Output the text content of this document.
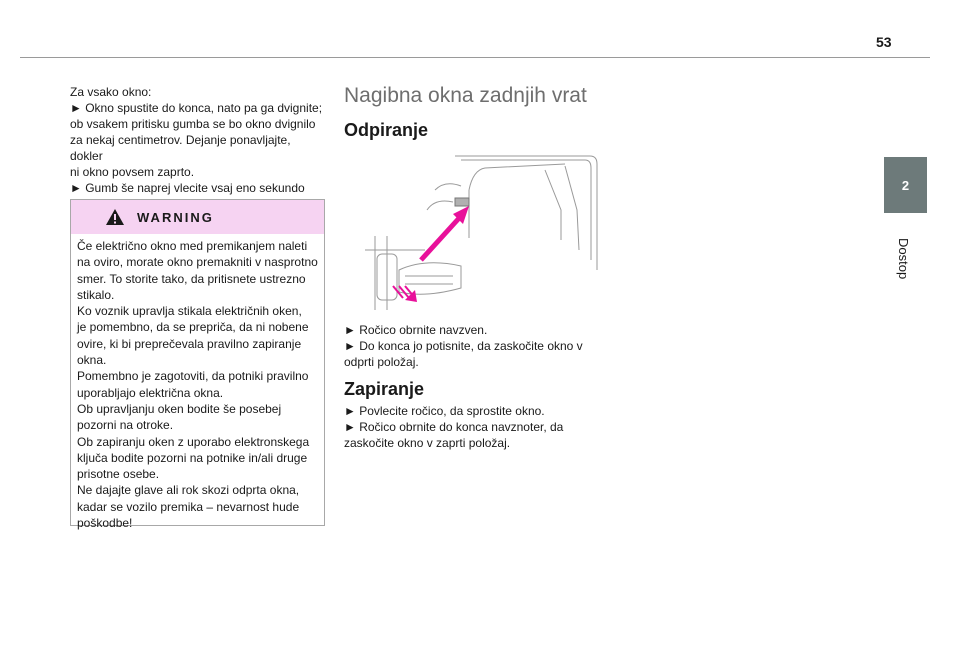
53
2
Dostop

Za vsako okno:
► Okno spustite do konca, nato pa ga dvignite;
ob vsakem pritisku gumba se bo okno dvignilo
za nekaj centimetrov. Dejanje ponavljajte, dokler
ni okno povsem zaprto.
► Gumb še naprej vlecite vsaj eno sekundo

WARNING

Če električno okno med premikanjem naleti
na oviro, morate okno premakniti v nasprotno
smer. To storite tako, da pritisnete ustrezno
stikalo.
Ko voznik upravlja stikala električnih oken,
je pomembno, da se prepriča, da ni nobene
ovire, ki bi preprečevala pravilno zapiranje
okna.
Pomembno je zagotoviti, da potniki pravilno
uporabljajo električna okna.
Ob upravljanju oken bodite še posebej
pozorni na otroke.
Ob zapiranju oken z uporabo elektronskega
ključa bodite pozorni na potnike in/ali druge
prisotne osebe.
Ne dajajte glave ali rok skozi odprta okna,
kadar se vozilo premika – nevarnost hude
poškodbe!

Nagibna okna zadnjih vrat
Odpiranje

► Ročico obrnite navzven.
► Do konca jo potisnite, da zaskočite okno v
odprti položaj.

Zapiranje

► Povlecite ročico, da sprostite okno.
► Ročico obrnite do konca navznoter, da
zaskočite okno v zaprti položaj.
